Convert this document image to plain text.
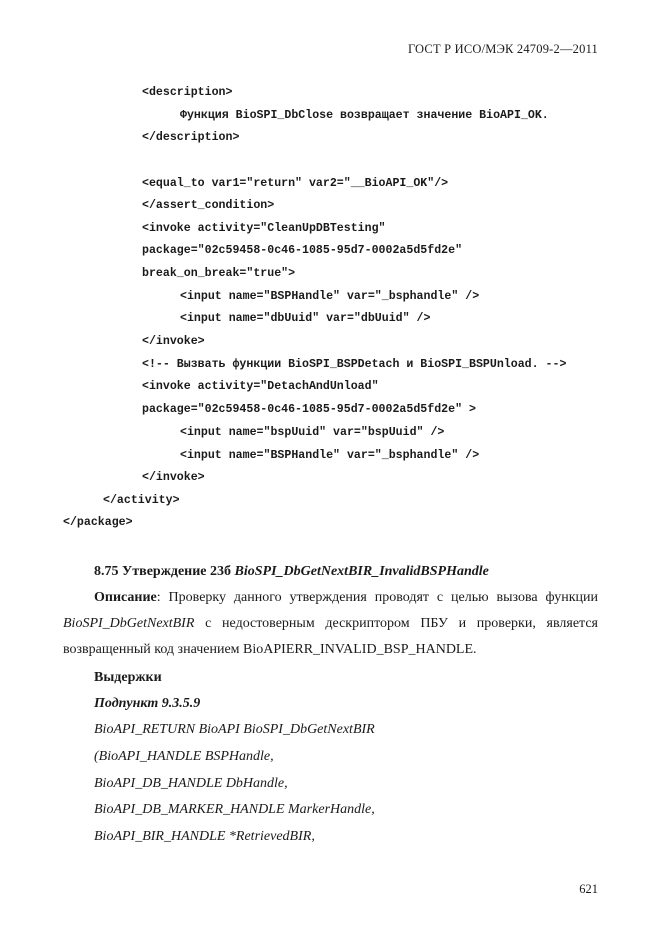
ГОСТ Р ИСО/МЭК 24709-2—2011
<description>
Функция BioSPI_DbClose возвращает значение BioAPI_OK.
</description>
<equal_to var1="return" var2="__BioAPI_OK"/>
</assert_condition>
<invoke activity="CleanUpDBTesting"
package="02c59458-0c46-1085-95d7-0002a5d5fd2e"
break_on_break="true">
<input name="BSPHandle" var="_bsphandle" />
<input name="dbUuid" var="dbUuid" />
</invoke>
<!-- Вызвать функции BioSPI_BSPDetach и BioSPI_BSPUnload. -->
<invoke activity="DetachAndUnload"
package="02c59458-0c46-1085-95d7-0002a5d5fd2e" >
<input name="bspUuid" var="bspUuid" />
<input name="BSPHandle" var="_bsphandle" />
</invoke>
</activity>
</package>
8.75 Утверждение 23б BioSPI_DbGetNextBIR_InvalidBSPHandle
Описание: Проверку данного утверждения проводят с целью вызова функции BioSPI_DbGetNextBIR с недостоверным дескриптором ПБУ и проверки, является возвращенный код значением BioAPIERR_INVALID_BSP_HANDLE.
Выдержки
Подпункт 9.3.5.9
BioAPI_RETURN BioAPI BioSPI_DbGetNextBIR
(BioAPI_HANDLE BSPHandle,
BioAPI_DB_HANDLE DbHandle,
BioAPI_DB_MARKER_HANDLE MarkerHandle,
BioAPI_BIR_HANDLE *RetrievedBIR,
621
